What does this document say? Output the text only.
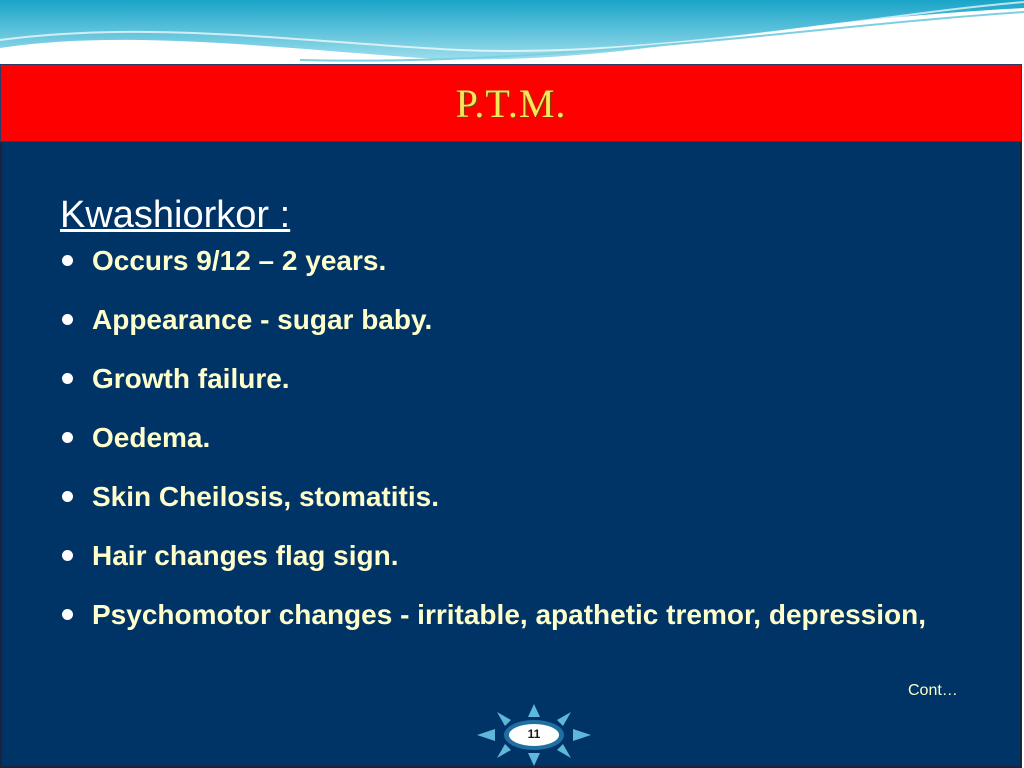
P.T.M.
Kwashiorkor :
Occurs 9/12 – 2 years.
Appearance - sugar baby.
Growth failure.
Oedema.
Skin Cheilosis, stomatitis.
Hair changes flag sign.
Psychomotor changes - irritable, apathetic tremor, depression,
Cont…
11
